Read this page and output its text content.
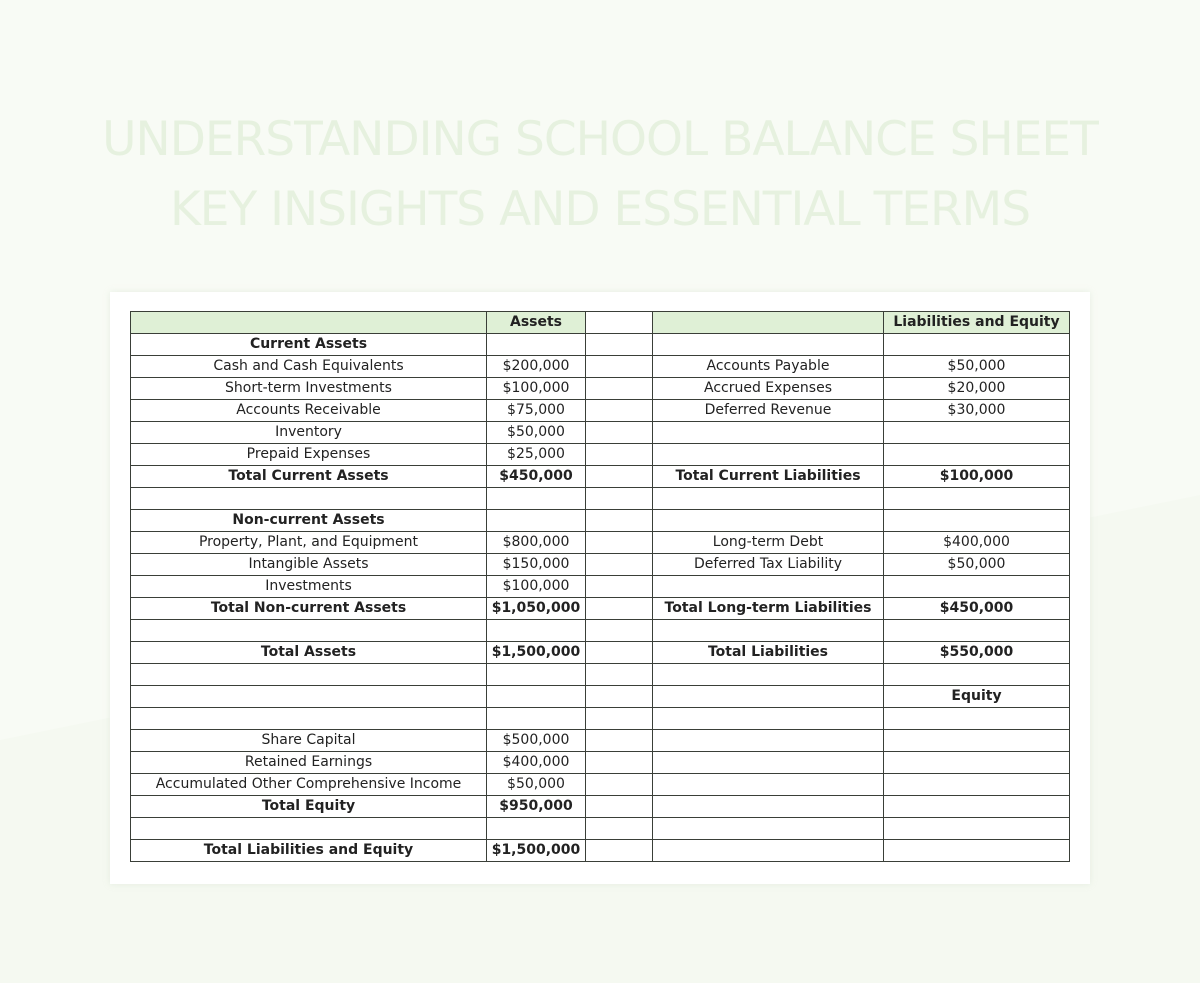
UNDERSTANDING SCHOOL BALANCE SHEET
KEY INSIGHTS AND ESSENTIAL TERMS
	Assets			Liabilities and Equity
Current Assets				
Cash and Cash Equivalents	$200,000		Accounts Payable	$50,000
Short-term Investments	$100,000		Accrued Expenses	$20,000
Accounts Receivable	$75,000		Deferred Revenue	$30,000
Inventory	$50,000			
Prepaid Expenses	$25,000			
Total Current Assets	$450,000		Total Current Liabilities	$100,000

Non-current Assets				
Property, Plant, and Equipment	$800,000		Long-term Debt	$400,000
Intangible Assets	$150,000		Deferred Tax Liability	$50,000
Investments	$100,000			
Total Non-current Assets	$1,050,000		Total Long-term Liabilities	$450,000

Total Assets	$1,500,000		Total Liabilities	$550,000

				Equity

Share Capital	$500,000			
Retained Earnings	$400,000			
Accumulated Other Comprehensive Income	$50,000			
Total Equity	$950,000			

Total Liabilities and Equity	$1,500,000			
